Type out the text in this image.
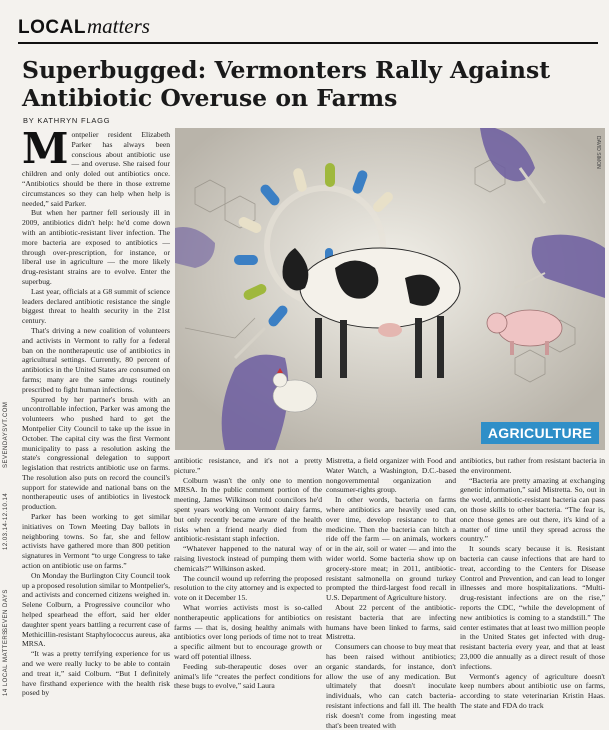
LOCAL matters
Superbugged: Vermonters Rally Against Antibiotic Overuse on Farms
BY KATHRYN FLAGG
14 LOCAL MATTERS
SEVEN DAYS
12.03.14-12.10.14
SEVENDAYSVT.COM	AGRICULTURE
DAVID SIMON

Montpelier resident Elizabeth Parker has always been conscious about antibiotic use — and overuse. She raised four children and only doled out antibiotics once. “Antibiotics should be there in those extreme circumstances so they can help when help is needed,” said Parker.

But when her partner fell seriously ill in 2009, antibiotics didn't help: he'd come down with an antibiotic-resistant liver infection. The more bacteria are exposed to antibiotics — through over-prescription, for instance, or liberal use in agriculture — the more likely drug-resistant strains are to evolve. Enter the superbug.

Last year, officials at a G8 summit of science leaders declared antibiotic resistance the single biggest threat to health security in the 21st century.

That's driving a new coalition of volunteers and activists in Vermont to rally for a federal ban on the nontherapeutic use of antibiotics in agricultural settings. Currently, 80 percent of antibiotics in the United States are consumed on farms; many are the same drugs routinely prescribed to fight human infections.

Spurred by her partner's brush with an uncontrollable infection, Parker was among the volunteers who pushed hard to get the Montpelier City Council to take up the issue in October. The capital city was the first Vermont municipality to pass a resolution asking the state's congressional delegation to support legislation that restricts antibiotic use on farms. The resolution also puts on record the council's support for statewide and national bans on the nontherapeutic uses of antibiotics in livestock production.

Parker has been working to get similar initiatives on Town Meeting Day ballots in neighboring towns. So far, she and fellow activists have gathered more than 800 petition signatures in Vermont “to urge Congress to take action on antibiotic use on farms.”

On Monday the Burlington City Council took up a proposed resolution similar to Montpelier's, and activists and concerned citizens weighed in. Selene Colburn, a Progressive councilor who helped spearhead the effort, said her elder daughter spent years battling a recurrent case of Methicillin-resistant Staphylococcus aureus, aka MRSA.

“It was a pretty terrifying experience for us and we were really lucky to be able to contain and treat it,” said Colburn. “But I definitely have firsthand experience with the health risk posed by

antibiotic resistance, and it's not a pretty picture.”

Colburn wasn't the only one to mention MRSA. In the public comment portion of the meeting, James Wilkinson told councilors he'd spent years working on Vermont dairy farms, but only recently became aware of the health risks when a friend nearly died from the antibiotic-resistant staph infection.

“Whatever happened to the natural way of raising livestock instead of pumping them with chemicals?” Wilkinson asked.

The council wound up referring the proposed resolution to the city attorney and is expected to vote on it December 15.

What worries activists most is so-called nontherapeutic applications for antibiotics on farms — that is, dosing healthy animals with antibiotics over long periods of time not to treat a specific ailment but to encourage growth or ward off potential illness.

Feeding sub-therapeutic doses over an animal's life “creates the perfect conditions for these bugs to evolve,” said Laura

Mistretta, a field organizer with Food and Water Watch, a Washington, D.C.-based nongovernmental organization and consumer-rights group.

In other words, bacteria on farms where antibiotics are heavily used can, over time, develop resistance to that medicine. Then the bacteria can hitch a ride off the farm — on animals, workers or in the air, soil or water — and into the wider world. Some bacteria show up on grocery-store meat; in 2011, antibiotic-resistant salmonella on ground turkey prompted the third-largest food recall in U.S. Department of Agriculture history.

About 22 percent of the antibiotic-resistant bacteria that are infecting humans have been linked to farms, said Mistretta.

Consumers can choose to buy meat that has been raised without antibiotics; organic standards, for instance, don't allow the use of any medication. But ultimately that doesn't inoculate individuals, who can catch bacteria-resistant infections and fall ill. The health risk doesn't come from ingesting meat that's been treated with

antibiotics, but rather from resistant bacteria in the environment.

“Bacteria are pretty amazing at exchanging genetic information,” said Mistretta. So, out in the world, antibiotic-resistant bacteria can pass on those skills to other bacteria. “The fear is, once those genes are out there, it's kind of a matter of time until they spread across the country.”

It sounds scary because it is. Resistant bacteria can cause infections that are hard to treat, according to the Centers for Disease Control and Prevention, and can lead to longer illnesses and more hospitalizations. “Multi-drug-resistant infections are on the rise,” reports the CDC, “while the development of new antibiotics is coming to a standstill.” The center estimates that at least two million people in the United States get infected with drug-resistant bacteria every year, and that at least 23,000 die annually as a direct result of those infections.

Vermont's agency of agriculture doesn't keep numbers about antibiotic use on farms, according to state veterinarian Kristin Haas. The state and FDA do track
